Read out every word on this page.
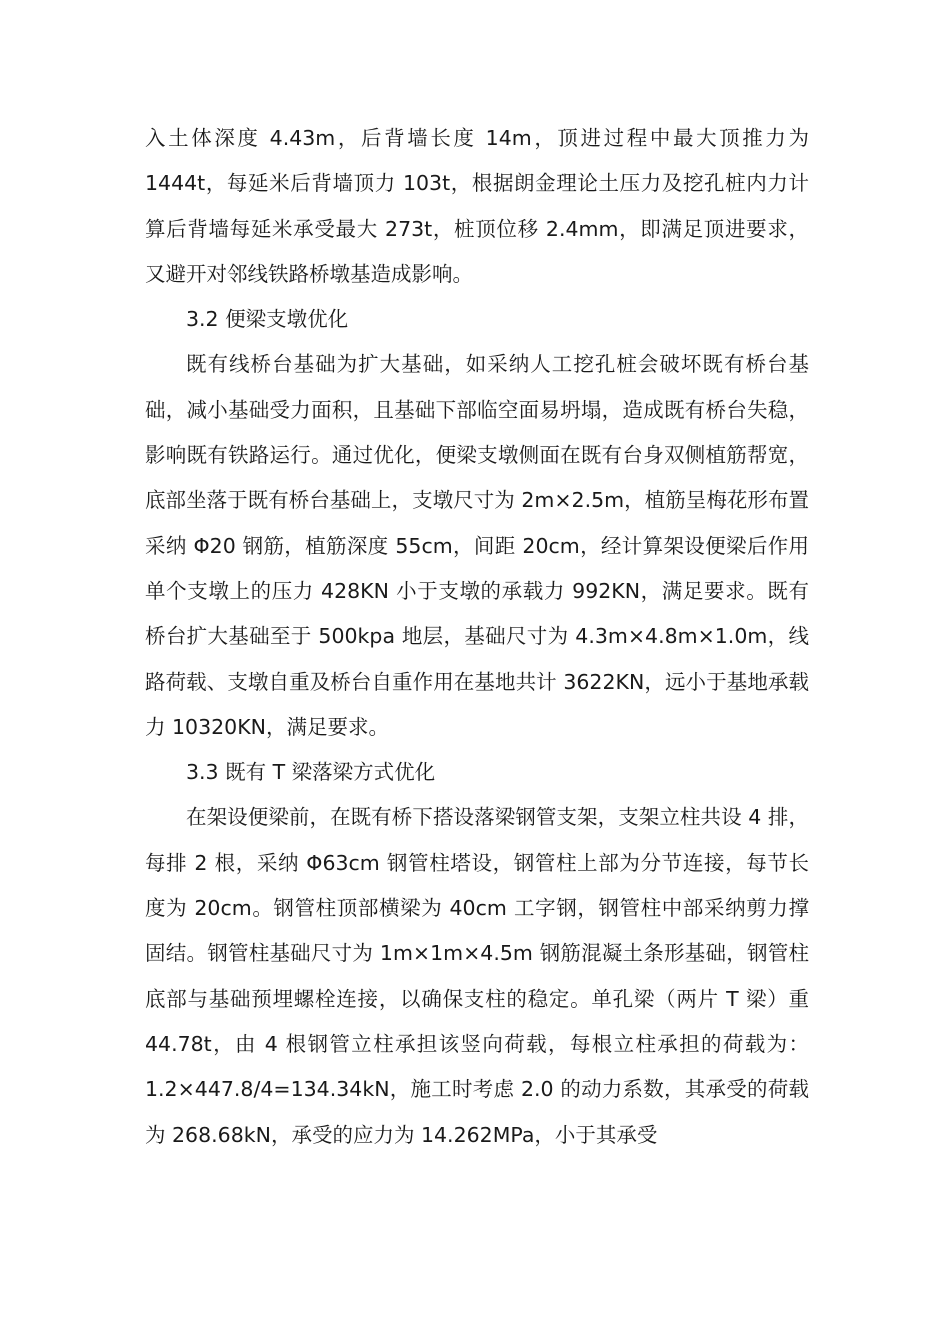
入土体深度 4.43m，后背墙长度 14m，顶进过程中最大顶推力为 1444t，每延米后背墙顶力 103t，根据朗金理论土压力及挖孔桩内力计算后背墙每延米承受最大 273t，桩顶位移 2.4mm，即满足顶进要求，又避开对邻线铁路桥墩基造成影响。

3.2 便梁支墩优化

既有线桥台基础为扩大基础，如采纳人工挖孔桩会破坏既有桥台基础，减小基础受力面积，且基础下部临空面易坍塌，造成既有桥台失稳，影响既有铁路运行。通过优化，便梁支墩侧面在既有台身双侧植筋帮宽，底部坐落于既有桥台基础上，支墩尺寸为 2m×2.5m，植筋呈梅花形布置采纳 Φ20 钢筋，植筋深度 55cm，间距 20cm，经计算架设便梁后作用单个支墩上的压力 428KN 小于支墩的承载力 992KN，满足要求。既有桥台扩大基础至于 500kpa 地层，基础尺寸为 4.3m×4.8m×1.0m，线路荷载、支墩自重及桥台自重作用在基地共计 3622KN，远小于基地承载力 10320KN，满足要求。

3.3 既有 T 梁落梁方式优化

在架设便梁前，在既有桥下搭设落梁钢管支架，支架立柱共设 4 排，每排 2 根，采纳 Φ63cm 钢管柱塔设，钢管柱上部为分节连接，每节长度为 20cm。钢管柱顶部横梁为 40cm 工字钢，钢管柱中部采纳剪力撑固结。钢管柱基础尺寸为 1m×1m×4.5m 钢筋混凝土条形基础，钢管柱底部与基础预埋螺栓连接，以确保支柱的稳定。单孔梁（两片 T 梁）重 44.78t，由 4 根钢管立柱承担该竖向荷载，每根立柱承担的荷载为：1.2×447.8/4=134.34kN，施工时考虑 2.0 的动力系数，其承受的荷载为 268.68kN，承受的应力为 14.262MPa，小于其承受
